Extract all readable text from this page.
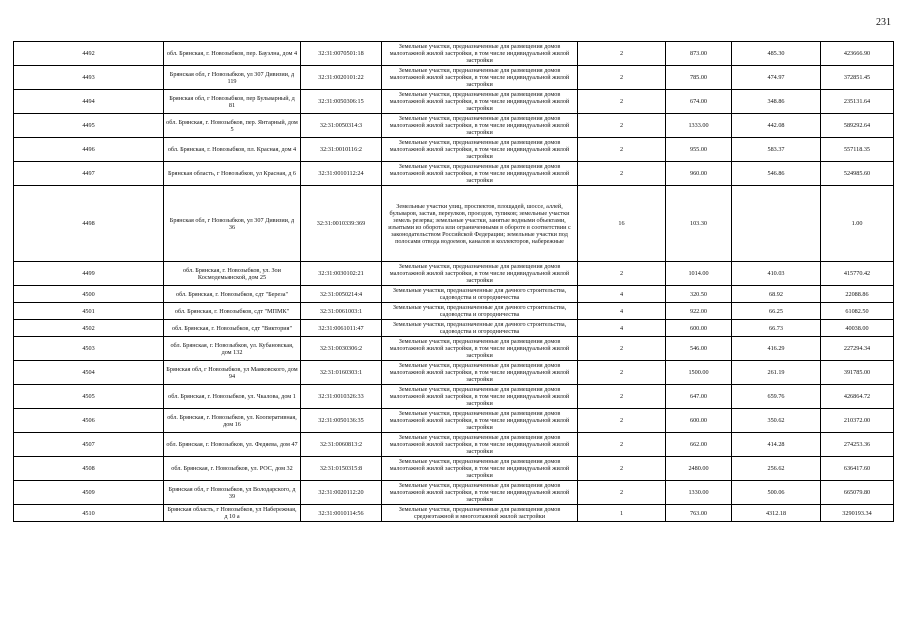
231
4492	обл. Брянская, г. Новозыбков, пер. Бауэлна, дом 4	32:31:0070501:18	Земельные участки, предназначенные для размещения домов малоэтажной жилой застройки, в том числе индивидуальной жилой застройки	2	873.00	485.30	423666.90
4493	Брянская обл, г Новозыбков, ул 307 Дивизии, д 119	32:31:0020101:22	Земельные участки, предназначенные для размещения домов малоэтажной жилой застройки, в том числе индивидуальной жилой застройки	2	785.00	474.97	372851.45
4494	Брянская обл, г Новозыбков, пер Бульварный, д 81	32:31:0050306:15	Земельные участки, предназначенные для размещения домов малоэтажной жилой застройки, в том числе индивидуальной жилой застройки	2	674.00	348.86	235131.64
4495	обл. Брянская, г. Новозыбков, пер. Янтарный, дом 5	32:31:0050314:3	Земельные участки, предназначенные для размещения домов малоэтажной жилой застройки, в том числе индивидуальной жилой застройки	2	1333.00	442.08	589292.64
4496	обл. Брянская, г. Новозыбков, пл. Красная, дом 4	32:31:0010116:2	Земельные участки, предназначенные для размещения домов малоэтажной жилой застройки, в том числе индивидуальной жилой застройки	2	955.00	583.37	557118.35
4497	Брянская область, г Новозыбков, ул Красная, д 6	32:31:0010112:24	Земельные участки, предназначенные для размещения домов малоэтажной жилой застройки, в том числе индивидуальной жилой застройки	2	960.00	546.86	524985.60
4498	Брянская обл, г Новозыбков, ул 307 Дивизии, д 36	32:31:0010339:369	Земельные участки улиц, проспектов, площадей, шоссе, аллей, бульваров, застав, переулков, проездов, тупиков; земельные участки земель резерва; земельные участки, занятые водными объектами, изъятыми из оборота или ограниченными в обороте в соответствии с законодательством Российской Федерации; земельные участки под полосами отвода водоемов, каналов и коллекторов, набережные	16	103.30		1.00
4499	обл. Брянская, г. Новозыбков, ул. Зои Космодемьянской, дом 25	32:31:0030102:21	Земельные участки, предназначенные для размещения домов малоэтажной жилой застройки, в том числе индивидуальной жилой застройки	2	1014.00	410.03	415770.42
4500	обл. Брянская, г. Новозыбков, сдт "Береза"	32:31:0050214:4	Земельные участки, предназначенные для дачного строительства, садоводства и огородничества	4	320.50	68.92	22088.86
4501	обл. Брянская, г. Новозыбков, сдт "МПМК"	32:31:0061003:1	Земельные участки, предназначенные для дачного строительства, садоводства и огородничества	4	922.00	66.25	61082.50
4502	обл. Брянская, г. Новозыбков, сдт "Виктория"	32:31:0061011:47	Земельные участки, предназначенные для дачного строительства, садоводства и огородничества	4	600.00	66.73	40038.00
4503	обл. Брянская, г. Новозыбков, ул. Кубановская, дом 132	32:31:0030306:2	Земельные участки, предназначенные для размещения домов малоэтажной жилой застройки, в том числе индивидуальной жилой застройки	2	546.00	416.29	227294.34
4504	Брянская обл, г Новозыбков, ул Маяковского, дом 94	32:31:0160303:1	Земельные участки, предназначенные для размещения домов малоэтажной жилой застройки, в том числе индивидуальной жилой застройки	2	1500.00	261.19	391785.00
4505	обл. Брянская, г. Новозыбков, ул. Чкалова, дом 1	32:31:0010326:33	Земельные участки, предназначенные для размещения домов малоэтажной жилой застройки, в том числе индивидуальной жилой застройки	2	647.00	659.76	426864.72
4506	обл. Брянская, г. Новозыбков, ул. Кооперативная, дом 16	32:31:0050136:35	Земельные участки, предназначенные для размещения домов малоэтажной жилой застройки, в том числе индивидуальной жилой застройки	2	600.00	350.62	210372.00
4507	обл. Брянская, г. Новозыбков, ул. Федяева, дом 47	32:31:0060813:2	Земельные участки, предназначенные для размещения домов малоэтажной жилой застройки, в том числе индивидуальной жилой застройки	2	662.00	414.28	274253.36
4508	обл. Брянская, г. Новозыбков, ул. РОС, дом 32	32:31:0150315:8	Земельные участки, предназначенные для размещения домов малоэтажной жилой застройки, в том числе индивидуальной жилой застройки	2	2480.00	256.62	636417.60
4509	Брянская обл, г Новозыбков, ул Володарского, д 39	32:31:0020112:20	Земельные участки, предназначенные для размещения домов малоэтажной жилой застройки, в том числе индивидуальной жилой застройки	2	1330.00	500.06	665079.80
4510	Брянская область, г Новозыбков, ул Набережная, д 10 а	32:31:0010114:56	Земельные участки, предназначенные для размещения домов среднеэтажной и многоэтажной жилой застройки	1	763.00	4312.18	3290193.34
